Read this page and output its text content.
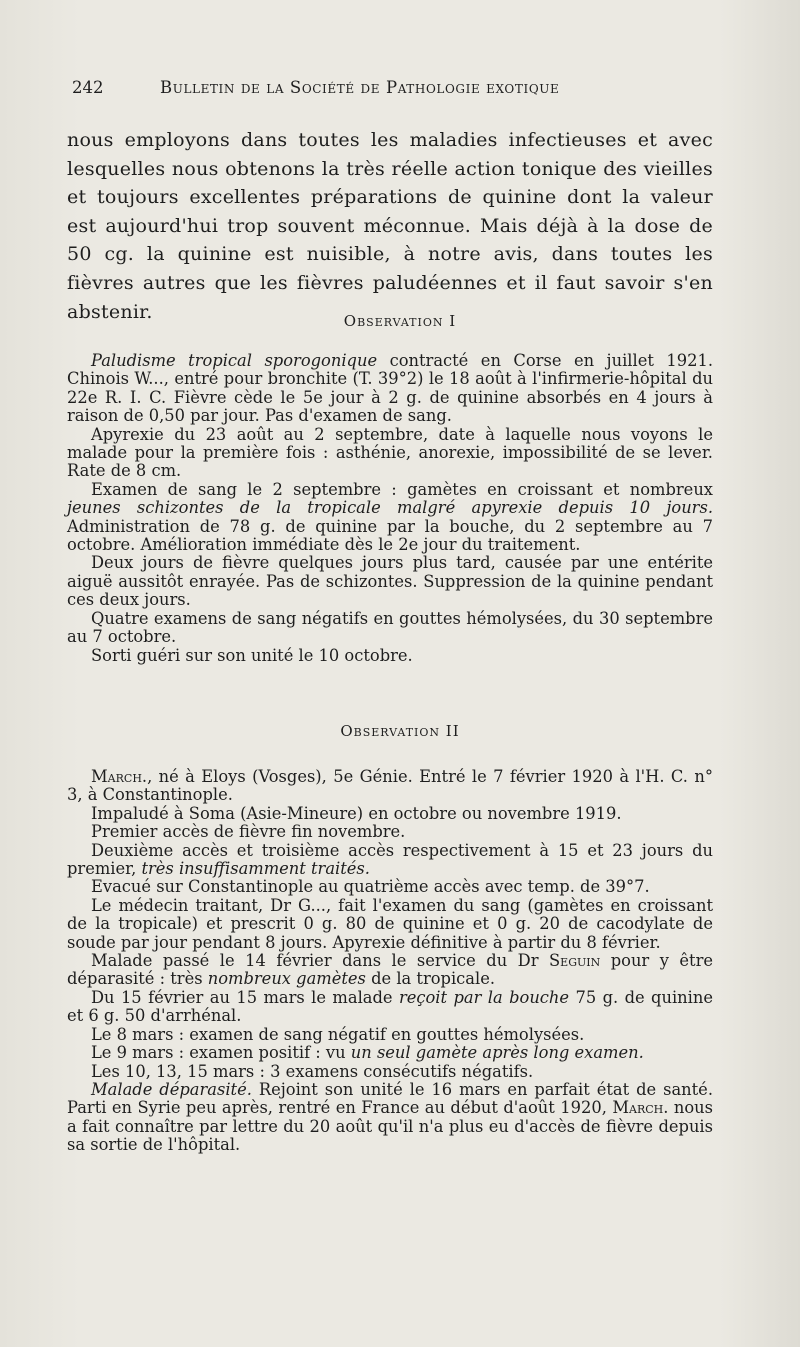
242	Bulletin de la Société de Pathologie exotique

nous employons dans toutes les maladies infectieuses et avec lesquelles nous obtenons la très réelle action tonique des vieilles et toujours excellentes préparations de quinine dont la valeur est aujourd'hui trop souvent méconnue. Mais déjà à la dose de 50 cg. la quinine est nuisible, à notre avis, dans toutes les fièvres autres que les fièvres paludéennes et il faut savoir s'en abstenir.	Observation I

Paludisme tropical sporogonique contracté en Corse en juillet 1921. Chinois W..., entré pour bronchite (T. 39°2) le 18 août à l'infirmerie-hôpital du 22e R. I. C. Fièvre cède le 5e jour à 2 g. de quinine absorbés en 4 jours à raison de 0,50 par jour. Pas d'examen de sang.

Apyrexie du 23 août au 2 septembre, date à laquelle nous voyons le malade pour la première fois : asthénie, anorexie, impossibilité de se lever. Rate de 8 cm.

Examen de sang le 2 septembre : gamètes en croissant et nombreux jeunes schizontes de la tropicale malgré apyrexie depuis 10 jours. Administration de 78 g. de quinine par la bouche, du 2 septembre au 7 octobre. Amélioration immédiate dès le 2e jour du traitement.

Deux jours de fièvre quelques jours plus tard, causée par une entérite aiguë aussitôt enrayée. Pas de schizontes. Suppression de la quinine pendant ces deux jours.

Quatre examens de sang négatifs en gouttes hémolysées, du 30 septembre au 7 octobre.

Sorti guéri sur son unité le 10 octobre.

Observation II

March., né à Eloys (Vosges), 5e Génie. Entré le 7 février 1920 à l'H. C. n° 3, à Constantinople.

Impaludé à Soma (Asie-Mineure) en octobre ou novembre 1919.

Premier accès de fièvre fin novembre.

Deuxième accès et troisième accès respectivement à 15 et 23 jours du premier, très insuffisamment traités.

Evacué sur Constantinople au quatrième accès avec temp. de 39°7.

Le médecin traitant, Dr G..., fait l'examen du sang (gamètes en croissant de la tropicale) et prescrit 0 g. 80 de quinine et 0 g. 20 de cacodylate de soude par jour pendant 8 jours. Apyrexie définitive à partir du 8 février.

Malade passé le 14 février dans le service du Dr Seguin pour y être déparasité : très nombreux gamètes de la tropicale.

Du 15 février au 15 mars le malade reçoit par la bouche 75 g. de quinine et 6 g. 50 d'arrhénal.

Le 8 mars : examen de sang négatif en gouttes hémolysées.

Le 9 mars : examen positif : vu un seul gamète après long examen.

Les 10, 13, 15 mars : 3 examens consécutifs négatifs.

Malade déparasité. Rejoint son unité le 16 mars en parfait état de santé. Parti en Syrie peu après, rentré en France au début d'août 1920, March. nous a fait connaître par lettre du 20 août qu'il n'a plus eu d'accès de fièvre depuis sa sortie de l'hôpital.
